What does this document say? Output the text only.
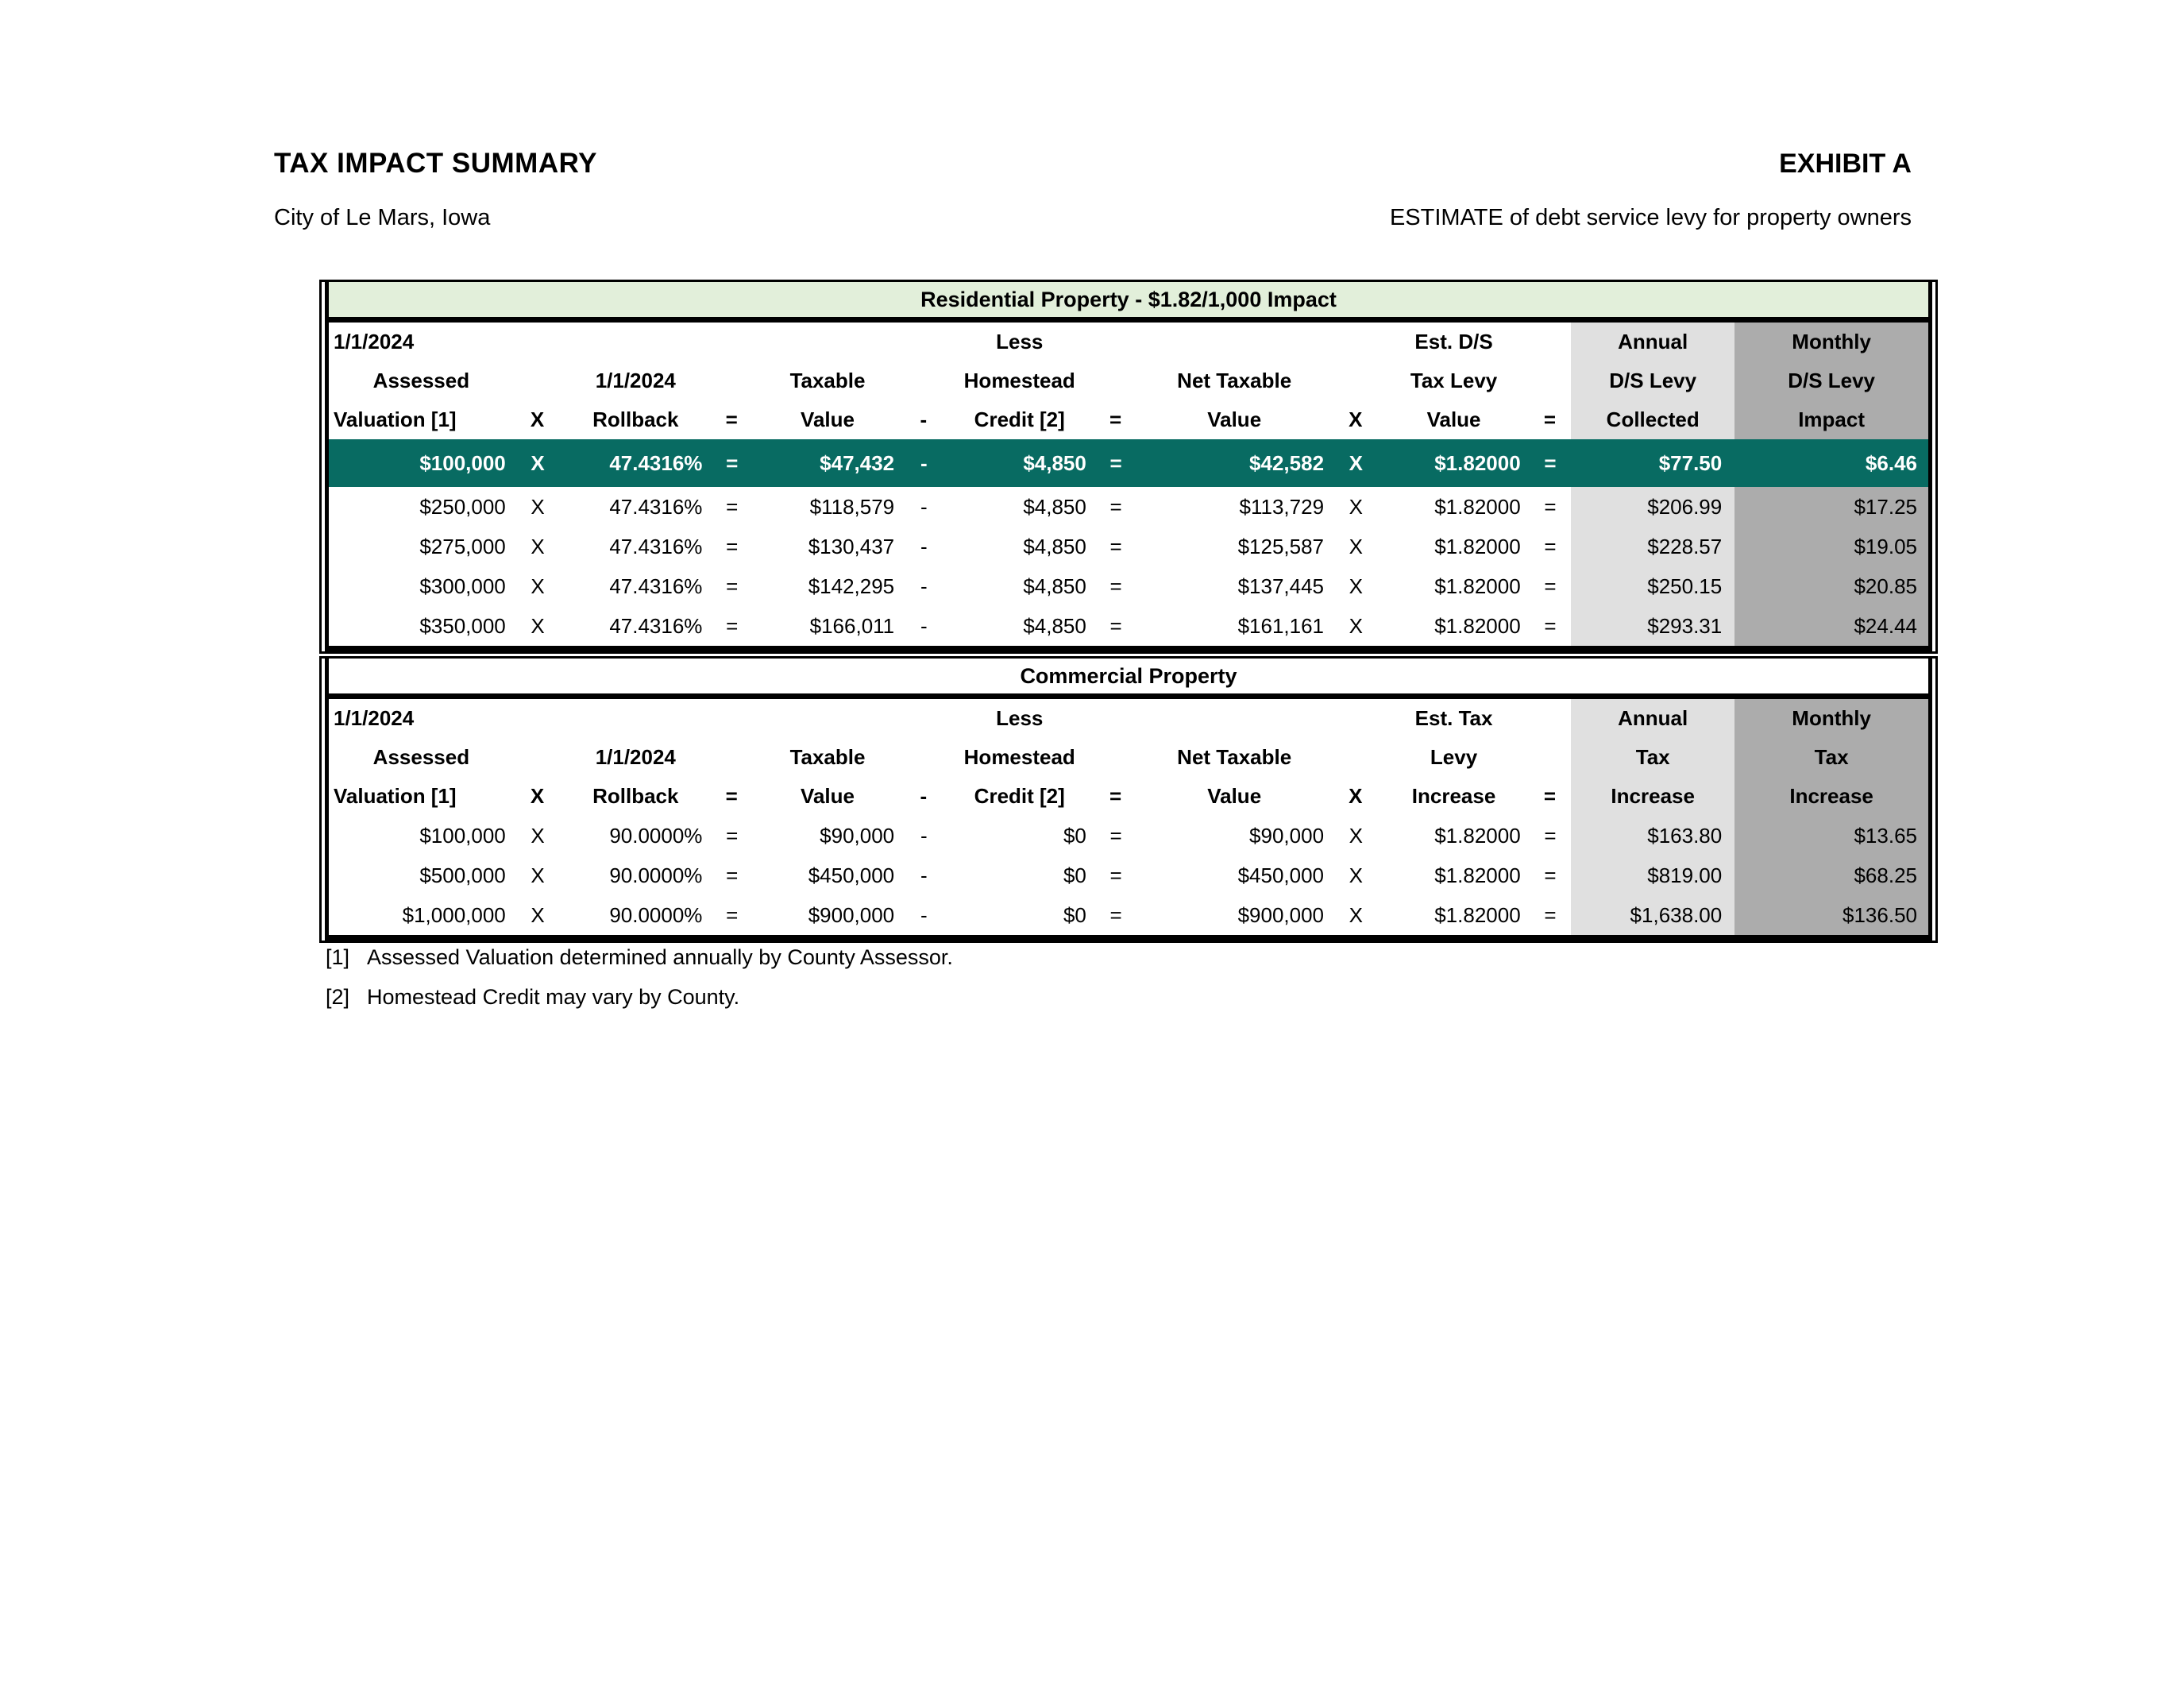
TAX IMPACT SUMMARY	EXHIBIT A
City of Le Mars, Iowa	ESTIMATE of debt service levy for property owners
Residential Property - $1.82/1,000 Impact
1/1/2024						Less				Est. D/S		Annual	Monthly
Assessed		1/1/2024		Taxable		Homestead		Net Taxable		Tax Levy		D/S Levy	D/S Levy
Valuation [1]	X	Rollback	=	Value	-	Credit [2]	=	Value	X	Value	=	Collected	Impact
$100,000	X	47.4316%	=	$47,432	-	$4,850	=	$42,582	X	$1.82000	=	$77.50	$6.46
$250,000	X	47.4316%	=	$118,579	-	$4,850	=	$113,729	X	$1.82000	=	$206.99	$17.25
$275,000	X	47.4316%	=	$130,437	-	$4,850	=	$125,587	X	$1.82000	=	$228.57	$19.05
$300,000	X	47.4316%	=	$142,295	-	$4,850	=	$137,445	X	$1.82000	=	$250.15	$20.85
$350,000	X	47.4316%	=	$166,011	-	$4,850	=	$161,161	X	$1.82000	=	$293.31	$24.44
Commercial Property
1/1/2024						Less				Est. Tax		Annual	Monthly
Assessed		1/1/2024		Taxable		Homestead		Net Taxable		Levy		Tax	Tax
Valuation [1]	X	Rollback	=	Value	-	Credit [2]	=	Value	X	Increase	=	Increase	Increase
$100,000	X	90.0000%	=	$90,000	-	$0	=	$90,000	X	$1.82000	=	$163.80	$13.65
$500,000	X	90.0000%	=	$450,000	-	$0	=	$450,000	X	$1.82000	=	$819.00	$68.25
$1,000,000	X	90.0000%	=	$900,000	-	$0	=	$900,000	X	$1.82000	=	$1,638.00	$136.50
[1] Assessed Valuation determined annually by County Assessor.
[2] Homestead Credit may vary by County.
